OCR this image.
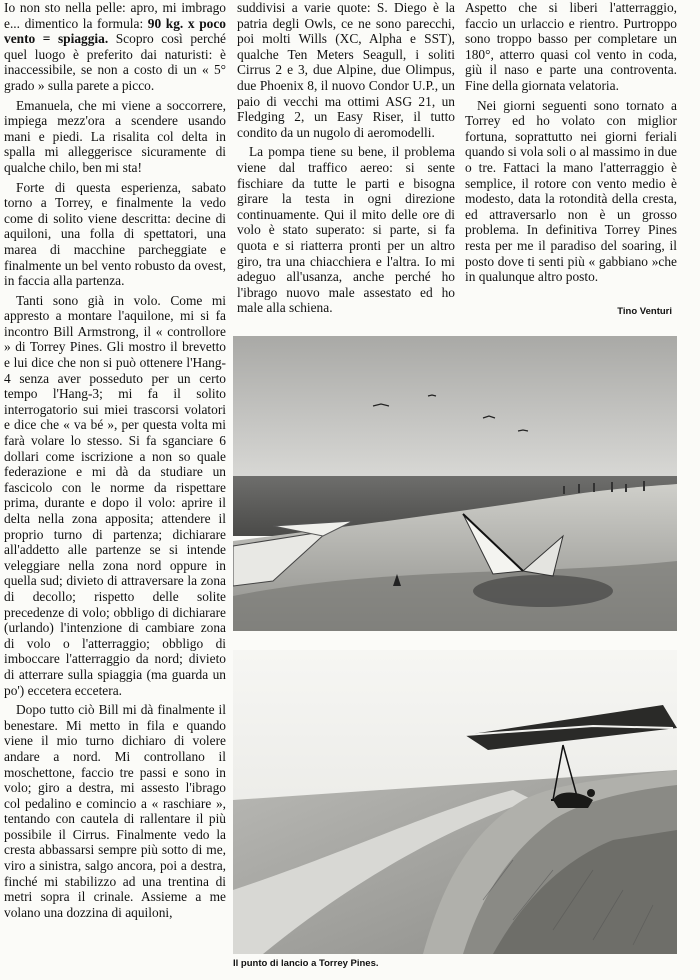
Io non sto nella pelle: apro, mi imbrago e... dimentico la formula: 90 kg. x poco vento = spiaggia. Scopro così perché quel luogo è preferito dai naturisti: è inaccessibile, se non a costo di un « 5° grado » sulla parete a picco.

Emanuela, che mi viene a soccorrere, impiega mezz'ora a scendere usando mani e piedi. La risalita col delta in spalla mi alleggerisce sicuramente di qualche chilo, ben mi sta!

Forte di questa esperienza, sabato torno a Torrey, e finalmente la vedo come di solito viene descritta: decine di aquiloni, una folla di spettatori, una marea di macchine parcheggiate e finalmente un bel vento robusto da ovest, in faccia alla partenza.

Tanti sono già in volo. Come mi appresto a montare l'aquilone, mi si fa incontro Bill Armstrong, il « controllore » di Torrey Pines. Gli mostro il brevetto e lui dice che non si può ottenere l'Hang-4 senza aver posseduto per un certo tempo l'Hang-3; mi fa il solito interrogatorio sui miei trascorsi volatori e dice che « va bé », per questa volta mi farà volare lo stesso. Si fa sganciare 6 dollari come iscrizione a non so quale federazione e mi dà da studiare un fascicolo con le norme da rispettare prima, durante e dopo il volo: aprire il delta nella zona apposita; attendere il proprio turno di partenza; dichiarare all'addetto alle partenze se si intende veleggiare nella zona nord oppure in quella sud; divieto di attraversare la zona di decollo; rispetto delle solite precedenze di volo; obbligo di dichiarare (urlando) l'intenzione di cambiare zona di volo o l'atterraggio; obbligo di imboccare l'atterraggio da nord; divieto di atterrare sulla spiaggia (ma guarda un po') eccetera eccetera.

Dopo tutto ciò Bill mi dà finalmente il benestare. Mi metto in fila e quando viene il mio turno dichiaro di volere andare a nord. Mi controllano il moschettone, faccio tre passi e sono in volo; giro a destra, mi assesto l'ibrago col pedalino e comincio a « raschiare », tentando con cautela di rallentare il più possibile il Cirrus. Finalmente vedo la cresta abbassarsi sempre più sotto di me, viro a sinistra, salgo ancora, poi a destra, finché mi stabilizzo ad una trentina di metri sopra il crinale. Assieme a me volano una dozzina di aquiloni,

suddivisi a varie quote: S. Diego è la patria degli Owls, ce ne sono parecchi, poi molti Wills (XC, Alpha e SST), qualche Ten Meters Seagull, i soliti Cirrus 2 e 3, due Alpine, due Olimpus, due Phoenix 8, il nuovo Condor U.P., un paio di vecchi ma ottimi ASG 21, un Fledging 2, un Easy Riser, il tutto condito da un nugolo di aeromodelli.

La pompa tiene su bene, il problema viene dal traffico aereo: si sente fischiare da tutte le parti e bisogna girare la testa in ogni direzione continuamente. Qui il mito delle ore di volo è stato superato: si parte, si fa quota e si riatterra pronti per un altro giro, tra una chiacchiera e l'altra. Io mi adeguo all'usanza, anche perché ho l'ibrago nuovo male assestato ed ho male alla schiena.

Aspetto che si liberi l'atterraggio, faccio un urlaccio e rientro. Purtroppo sono troppo basso per completare un 180°, atterro quasi col vento in coda, giù il naso e parte una controventa. Fine della giornata velatoria.

Nei giorni seguenti sono tornato a Torrey ed ho volato con miglior fortuna, soprattutto nei giorni feriali quando si vola soli o al massimo in due o tre. Fattaci la mano l'atterraggio è semplice, il rotore con vento medio è modesto, data la rotondità della cresta, ed attraversarlo non è un grosso problema. In definitiva Torrey Pines resta per me il paradiso del soaring, il posto dove ti senti più « gabbiano »che in qualunque altro posto.

Tino Venturi
Il punto di lancio a Torrey Pines.
